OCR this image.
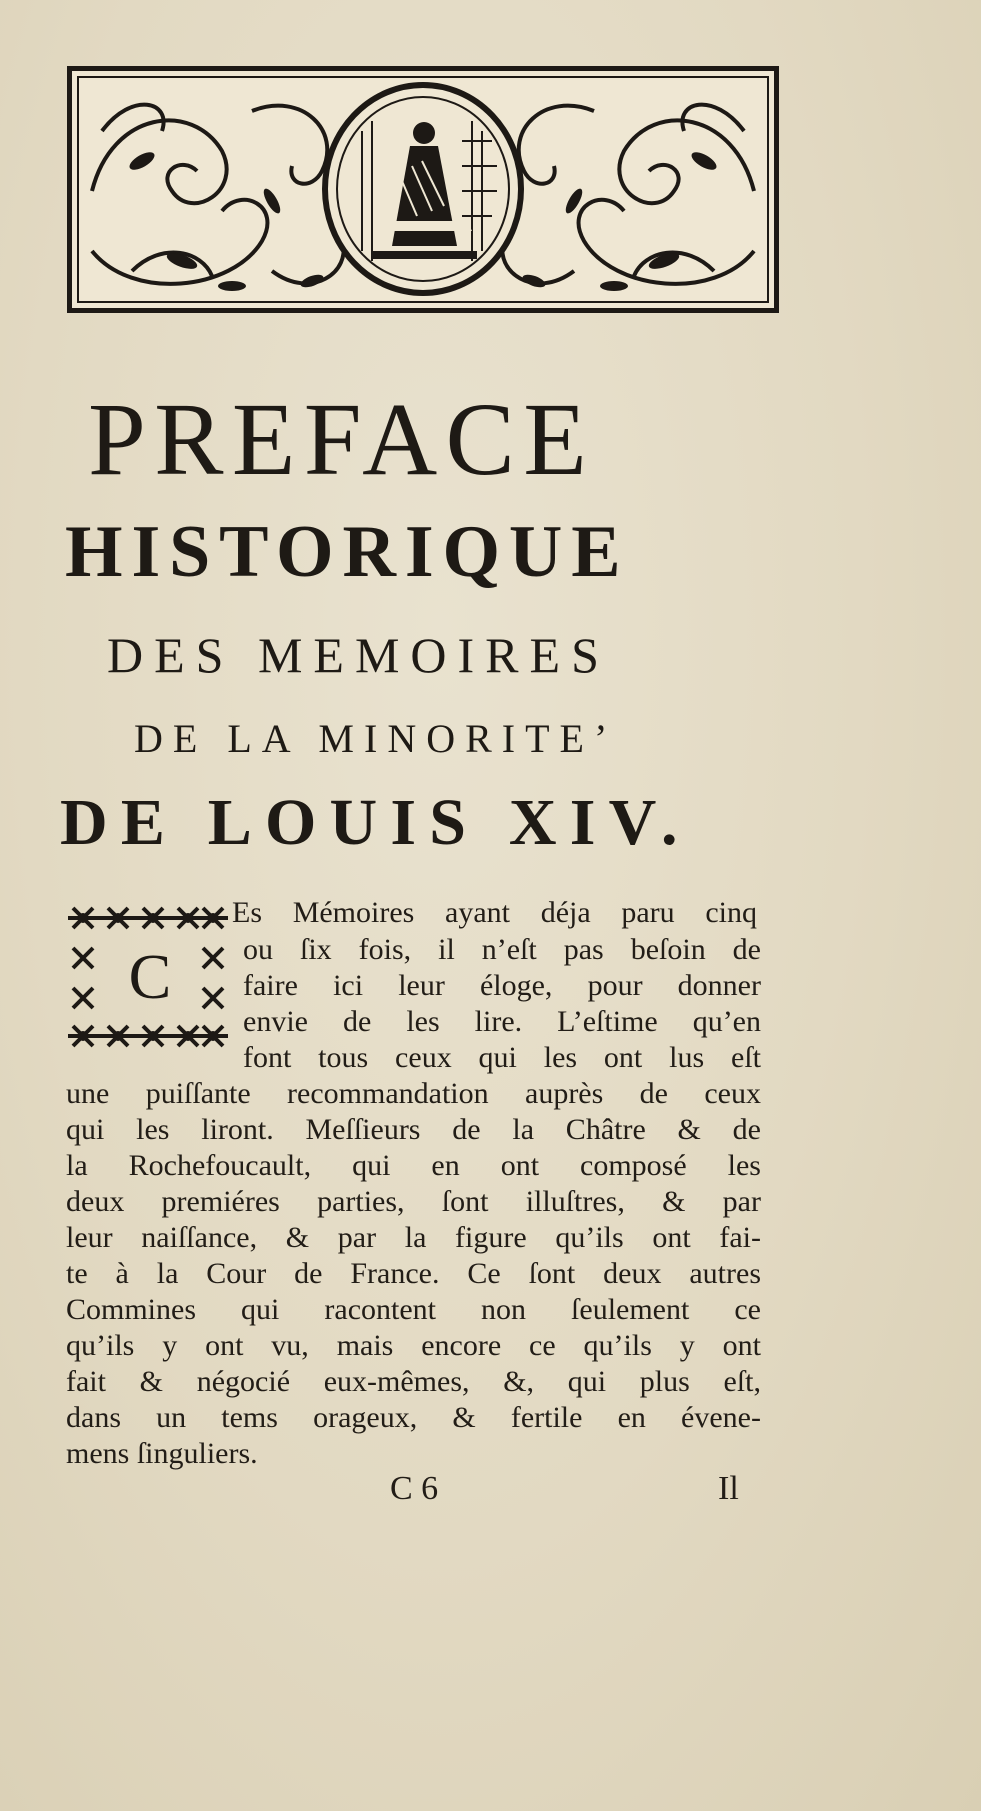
PREFACE
HISTORIQUE
DES MEMOIRES
DE LA MINORITE’
DE LOUIS XIV.
C

Es Mémoires ayant déja paru cinq

ou ſix fois, il n’eſt pas beſoin de

faire ici leur éloge, pour donner

envie de les lire. L’eſtime qu’en

font tous ceux qui les ont lus eſt

une puiſſante recommandation auprès de ceux

qui les liront. Meſſieurs de la Châtre & de

la Rochefoucault, qui en ont composé les

deux premiéres parties, ſont illuſtres, & par

leur naiſſance, & par la figure qu’ils ont fai-

te à la Cour de France. Ce ſont deux autres

Commines qui racontent non ſeulement ce

qu’ils y ont vu, mais encore ce qu’ils y ont

fait & négocié eux-mêmes, &, qui plus eſt,

dans un tems orageux, & fertile en évene-

mens ſinguliers.

C 6	Il
